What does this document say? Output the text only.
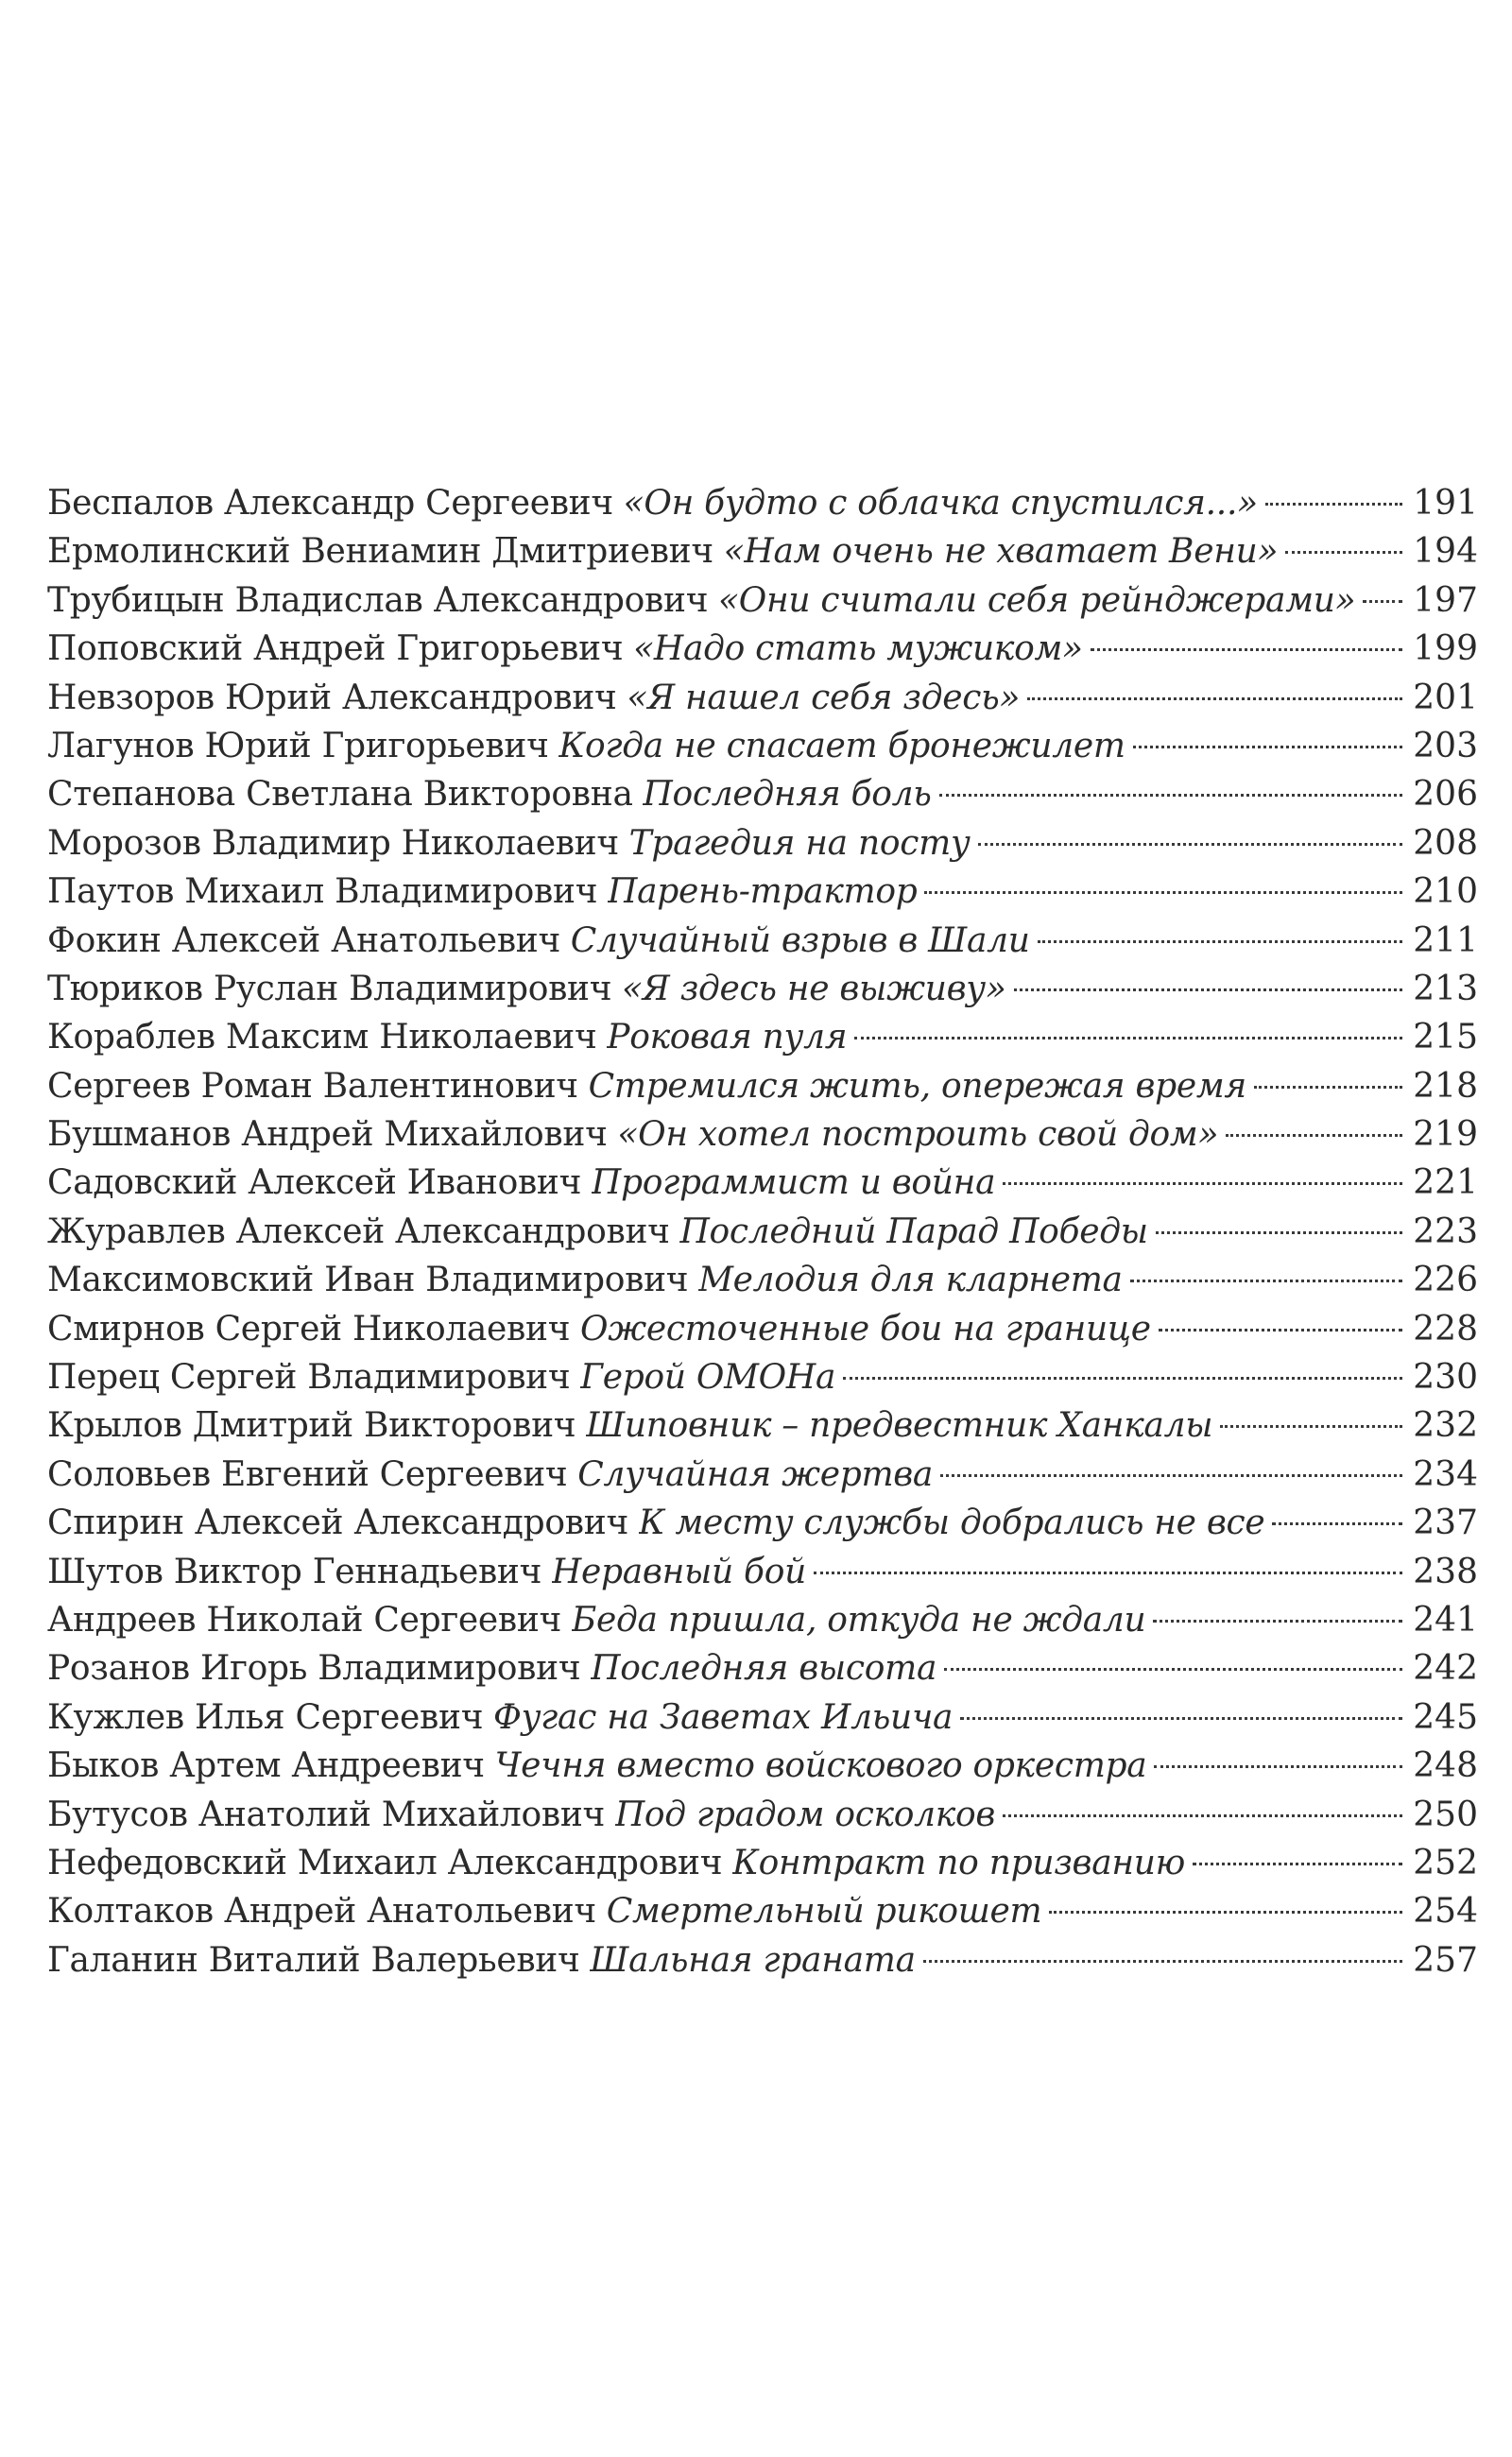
Беспалов Александр Сергеевич «Он будто с облачка спустился...»	191
Ермолинский Вениамин Дмитриевич «Нам очень не хватает Вени»	194
Трубицын Владислав Александрович «Они считали себя рейнджерами» 197
Поповский Андрей Григорьевич «Надо стать мужиком»	199
Невзоров Юрий Александрович «Я нашел себя здесь»	201
Лагунов Юрий Григорьевич Когда не спасает бронежилет	203
Степанова Светлана Викторовна Последняя боль	206
Морозов Владимир Николаевич Трагедия на посту	208
Паутов Михаил Владимирович Парень-трактор	210
Фокин Алексей Анатольевич Случайный взрыв в Шали	211
Тюриков Руслан Владимирович «Я здесь не выживу»	213
Кораблев Максим Николаевич Роковая пуля	215
Сергеев Роман Валентинович Стремился жить, опережая время	218
Бушманов Андрей Михайлович «Он хотел построить свой дом»	219
Садовский Алексей Иванович Программист и война	221
Журавлев Алексей Александрович Последний Парад Победы	223
Максимовский Иван Владимирович Мелодия для кларнета	226
Смирнов Сергей Николаевич Ожесточенные бои на границе	228
Перец Сергей Владимирович Герой ОМОНа	230
Крылов Дмитрий Викторович Шиповник – предвестник Ханкалы	232
Соловьев Евгений Сергеевич Случайная жертва	234
Спирин Алексей Александрович К месту службы добрались не все	237
Шутов Виктор Геннадьевич Неравный бой	238
Андреев Николай Сергеевич Беда пришла, откуда не ждали	241
Розанов Игорь Владимирович Последняя высота	242
Кужлев Илья Сергеевич Фугас на Заветах Ильича	245
Быков Артем Андреевич Чечня вместо войскового оркестра	248
Бутусов Анатолий Михайлович Под градом осколков	250
Нефедовский Михаил Александрович Контракт по призванию	252
Колтаков Андрей Анатольевич Смертельный рикошет	254
Галанин Виталий Валерьевич Шальная граната	257
